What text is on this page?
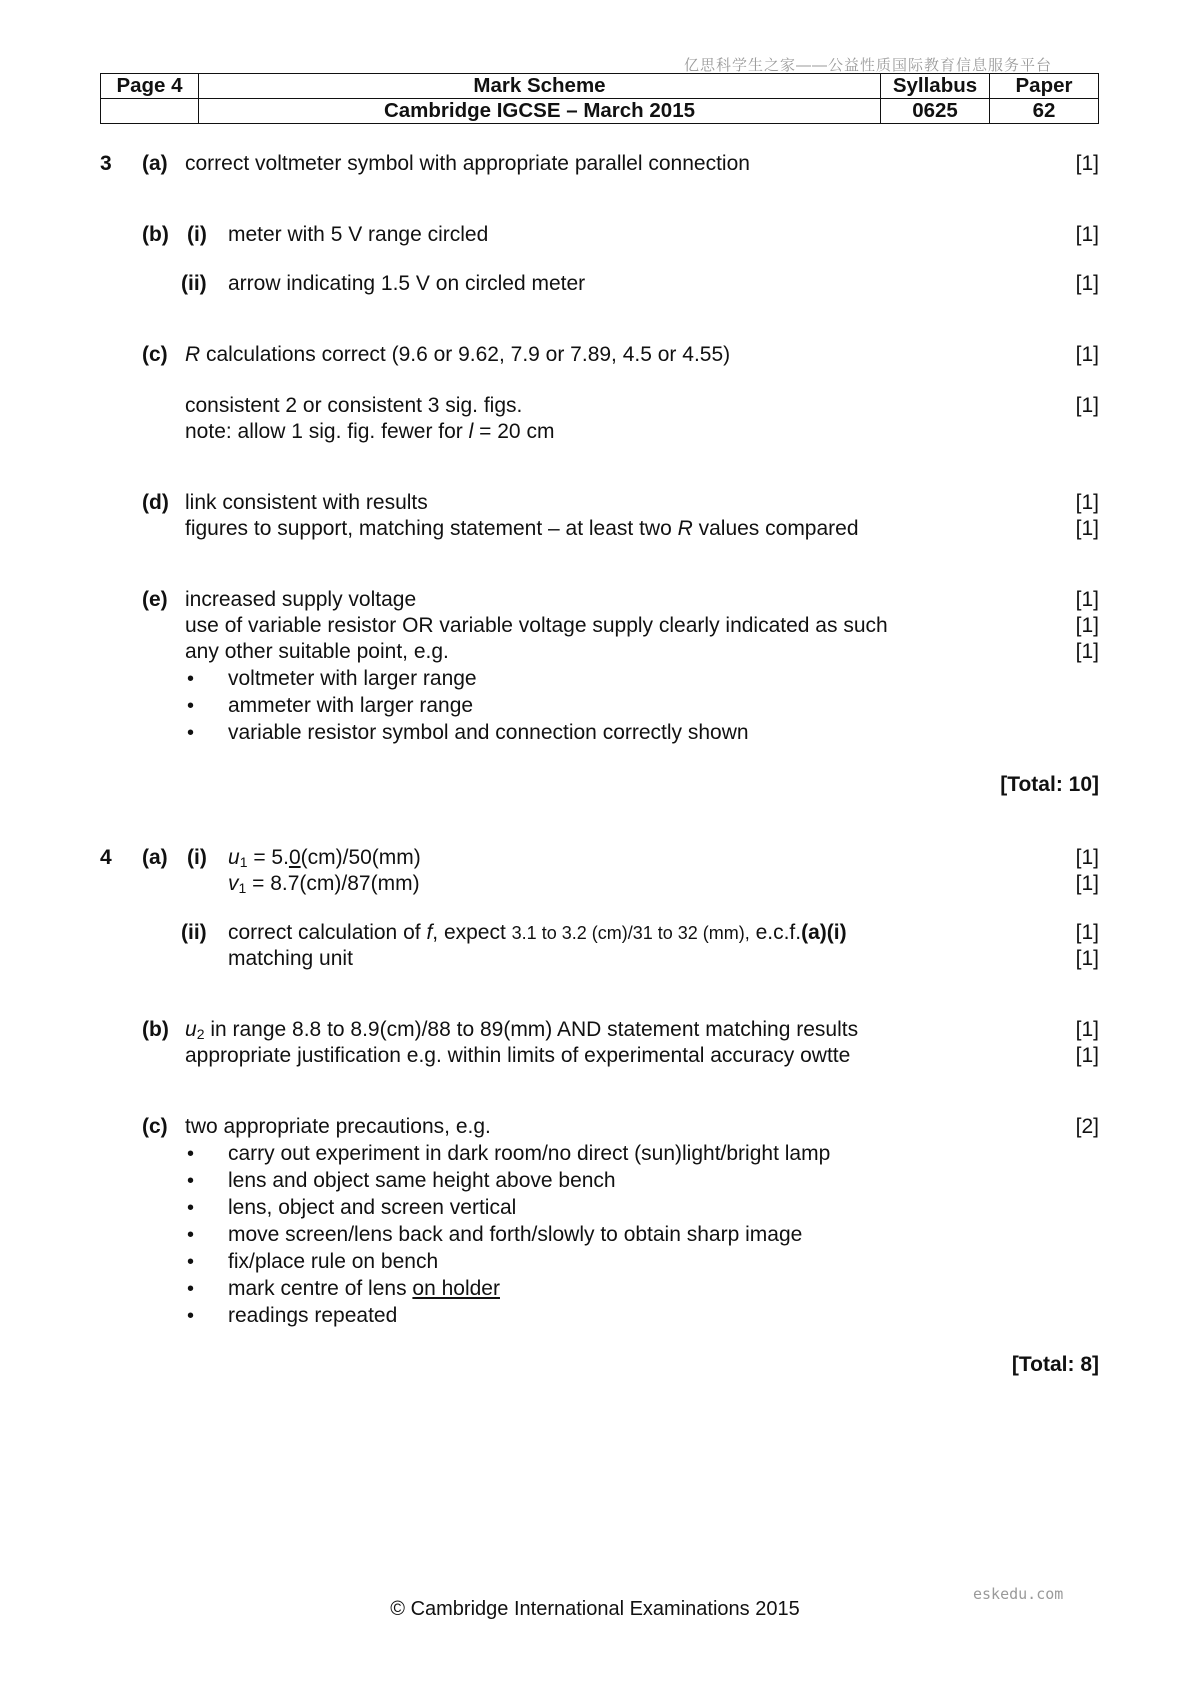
亿思科学生之家——公益性质国际教育信息服务平台
Page 4	Mark Scheme	Syllabus	Paper
	Cambridge IGCSE – March 2015	0625	62
3 (a) correct voltmeter symbol with appropriate parallel connection	[1]
(b) (i) meter with 5 V range circled	[1]
(ii) arrow indicating 1.5 V on circled meter	[1]
(c) R calculations correct (9.6 or 9.62, 7.9 or 7.89, 4.5 or 4.55)	[1]
consistent 2 or consistent 3 sig. figs.	[1]
note: allow 1 sig. fig. fewer for l = 20 cm
(d) link consistent with results	[1]
figures to support, matching statement – at least two R values compared	[1]
(e) increased supply voltage	[1]
use of variable resistor OR variable voltage supply clearly indicated as such	[1]
any other suitable point, e.g.	[1]
• voltmeter with larger range
• ammeter with larger range
• variable resistor symbol and connection correctly shown
[Total: 10]
4 (a) (i) $u_1 = 5.0(cm)/50(mm)$	[1]
$v_1 = 8.7(cm)/87(mm)$	[1]
(ii) correct calculation of f, expect 3.1 to 3.2 (cm)/31 to 32 (mm), e.c.f.(a)(i)	[1]
matching unit	[1]
(b) $u_2$ in range 8.8 to 8.9(cm)/88 to 89(mm) AND statement matching results	[1]
appropriate justification e.g. within limits of experimental accuracy owtte	[1]
(c) two appropriate precautions, e.g.	[2]
• carry out experiment in dark room/no direct (sun)light/bright lamp
• lens and object same height above bench
• lens, object and screen vertical
• move screen/lens back and forth/slowly to obtain sharp image
• fix/place rule on bench
• mark centre of lens on holder
• readings repeated
[Total: 8]
eskedu.com
© Cambridge International Examinations 2015
